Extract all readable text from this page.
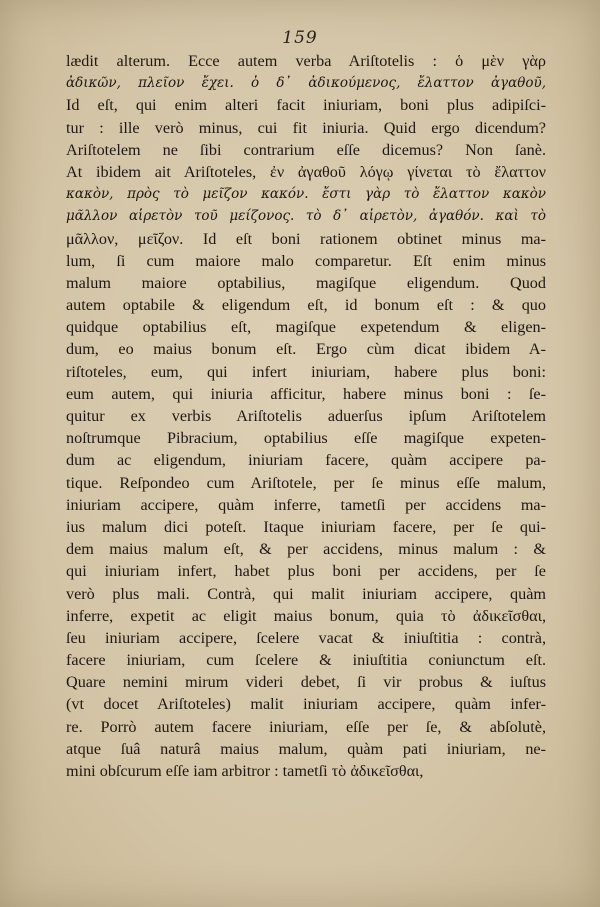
159
lædit alterum. Ecce autem verba Ariſtotelis : ὁ μὲν γὰρ
ἀδικῶν, πλεῖον ἔχει. ὁ δ᾽ ἀδικούμενος, ἔλαττον ἀγαθοῦ,
Id eſt, qui enim alteri facit iniuriam, boni plus adipiſci-
tur : ille verò minus, cui fit iniuria. Quid ergo dicendum?
Ariſtotelem ne ſibi contrarium eſſe dicemus? Non ſanè.
At ibidem ait Ariſtoteles, ἐν ἀγαθοῦ λόγῳ γίνεται τὸ ἔλαττον
κακὸν, πρὸς τὸ μεῖζον κακόν. ἔστι γὰρ τὸ ἔλαττον κακὸν
μᾶλλον αἱρετὸν τοῦ μείζονος. τὸ δ᾽ αἱρετὸν, ἀγαθόν. καὶ τὸ
μᾶλλον, μεῖζον. Id eſt boni rationem obtinet minus ma-
lum, ſi cum maiore malo comparetur. Eſt enim minus
malum maiore optabilius, magiſque eligendum. Quod
autem optabile & eligendum eſt, id bonum eſt : & quo
quidque optabilius eſt, magiſque expetendum & eligen-
dum, eo maius bonum eſt. Ergo cùm dicat ibidem A-
riſtoteles, eum, qui infert iniuriam, habere plus boni:
eum autem, qui iniuria afficitur, habere minus boni : ſe-
quitur ex verbis Ariſtotelis aduerſus ipſum Ariſtotelem
noſtrumque Pibracium, optabilius eſſe magiſque expeten-
dum ac eligendum, iniuriam facere, quàm accipere pa-
tique. Reſpondeo cum Ariſtotele, per ſe minus eſſe malum,
iniuriam accipere, quàm inferre, tametſi per accidens ma-
ius malum dici poteſt. Itaque iniuriam facere, per ſe qui-
dem maius malum eſt, & per accidens, minus malum : &
qui iniuriam infert, habet plus boni per accidens, per ſe
verò plus mali. Contrà, qui malit iniuriam accipere, quàm
inferre, expetit ac eligit maius bonum, quia τὸ ἀδικεῖσθαι,
ſeu iniuriam accipere, ſcelere vacat & iniuſtitia : contrà,
facere iniuriam, cum ſcelere & iniuſtitia coniunctum eſt.
Quare nemini mirum videri debet, ſi vir probus & iuſtus
(vt docet Ariſtoteles) malit iniuriam accipere, quàm infer-
re. Porrò autem facere iniuriam, eſſe per ſe, & abſolutè,
atque ſuâ naturâ maius malum, quàm pati iniuriam, ne-
mini obſcurum eſſe iam arbitror : tametſi τὸ ἀδικεῖσθαι,
